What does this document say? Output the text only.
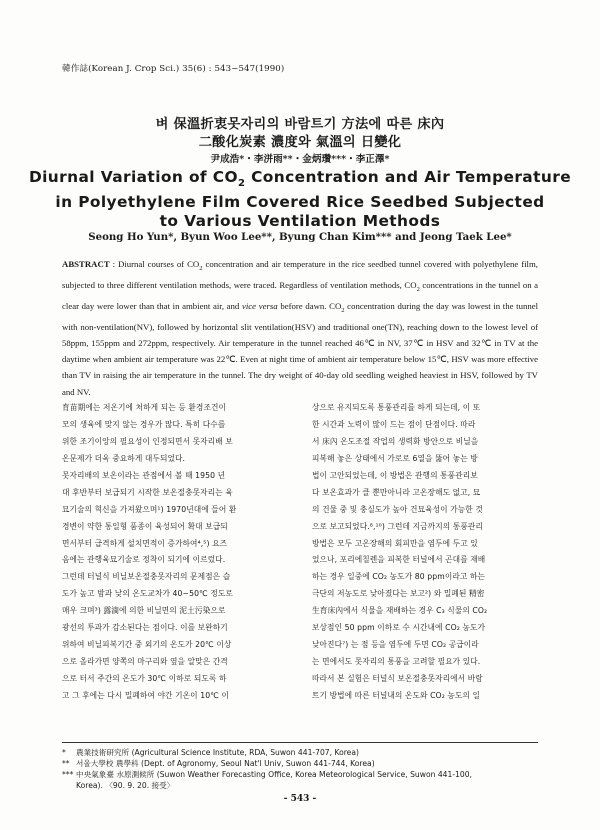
韓作誌(Korean J. Crop Sci.) 35(6) : 543~547(1990)
벼 保溫折衷못자리의 바람트기 方法에 따른 床內
二酸化炭素 濃度와 氣溫의 日變化
尹成浩*・李洴雨**・金炳瓚***・李正澤*
Diurnal Variation of $CO_2$ Concentration and Air Temperature
in Polyethylene Film Covered Rice Seedbed Subjected
to Various Ventilation Methods
Seong Ho Yun*, Byun Woo Lee**, Byung Chan Kim*** and Jeong Taek Lee*
ABSTRACT : Diurnal courses of $CO_2$ concentration and air temperature in the rice seedbed tunnel covered with polyethylene film, subjected to three different ventilation methods, were traced. Regardless of ventilation methods, $CO_2$ concentrations in the tunnel on a clear day were lower than that in ambient air, and vice versa before dawn. $CO_2$ concentration during the day was lowest in the tunnel with non-ventilation(NV), followed by horizontal slit ventilation(HSV) and traditional one(TN), reaching down to the lowest level of 58ppm, 155ppm and 272ppm, respectively. Air temperature in the tunnel reached 46℃ in NV, 37℃ in HSV and 32℃ in TV at the daytime when ambient air temperature was 22℃. Even at night time of ambient air temperature below 15℃, HSV was more effective than TV in raising the air temperature in the tunnel. The dry weight of 40-day old seedling weighed heaviest in HSV, followed by TV and NV.
育苗期에는 저온기에 처하게 되는 등 환경조건이
모의 생육에 맞지 않는 경우가 많다. 특히 다수를
위한 조기이앙의 필요성이 인정되면서 못자리배 보
온문제가 더욱 중요하게 대두되었다.
못자리배의 보온이라는 관점에서 볼 때 1950 년
대 후반부터 보급되기 시작한 보온절충못자리는 육
묘기술의 혁신을 가져왔으며¹) 1970년대에 들어 환
경변이 약한 통일형 품종이 육성되어 확대 보급되
면서부터 급격하게 설치면적이 증가하여⁴,⁵) 요즈
음에는 관행육묘기술로 정착이 되기에 이르렀다.
그런데 터널식 비닐보온절충못자리의 문제점은 습
도가 높고 밤과 낮의 온도교차가 40~50℃ 정도로
매우 크며³) 露滴에 의한 비닐면의 泥土污染으로
광선의 투과가 감소된다는 점이다. 이를 보완하기
위하여 비닐피복기간 중 외기의 온도가 20℃ 이상
으로 올라가면 양쪽의 마구리와 옆을 알맞은 간격
으로 터서 주간의 온도가 30℃ 이하로 되도록 하
고 그 후에는 다시 밀폐하여 야간 기온이 10℃ 이
상으로 유지되도록 통풍관리를 하게 되는데, 이 또
한 시간과 노력이 많이 드는 점이 단점이다. 따라
서 床內 온도조절 작업의 생력화 방안으로 비닐을
피복해 놓은 상태에서 가로로 6열을 뚫어 놓는 방
법이 고안되었는데, 이 방법은 관행의 통풍관리보
다 보온효과가 클 뿐만아니라 고온장해도 없고, 묘
의 건물 중 및 충실도가 높아 건묘육성이 가능한 것
으로 보고되었다.⁸,¹⁰) 그런데 지금까지의 통풍관리
방법은 모두 고온장해의 회피만을 염두에 두고 있
었으나, 포리에칠렌을 피복한 터널에서 곤대를 재배
하는 경우 일중에 CO₂ 농도가 80 ppm이라고 하는
극단의 저농도로 낮아졌다는 보고²) 와 밀폐된 精密
生育床內에서 식물을 재배하는 경우 C₃ 식물의 CO₂
보상점인 50 ppm 이하로 수 시간내에 CO₂ 농도가
낮아진다⁷) 는 점 등을 염두에 두면 CO₂ 공급이라
는 면에서도 못자리의 통풍을 고려할 필요가 있다.
따라서 본 실험은 터널식 보온절충못자리에서 바람
트기 방법에 따른 터널내의 온도와 CO₂ 농도의 일
* 農業技術研究所 (Agricultural Science Institute, RDA, Suwon 441-707, Korea)
** 서울大學校 農學科 (Dept. of Agronomy, Seoul Nat'l Univ, Suwon 441-744, Korea)
*** 中央氣象臺 水原測候所 (Suwon Weather Forecasting Office, Korea Meteorological Service, Suwon 441-100,
Korea). 〈90. 9. 20. 接受〉
- 543 -
